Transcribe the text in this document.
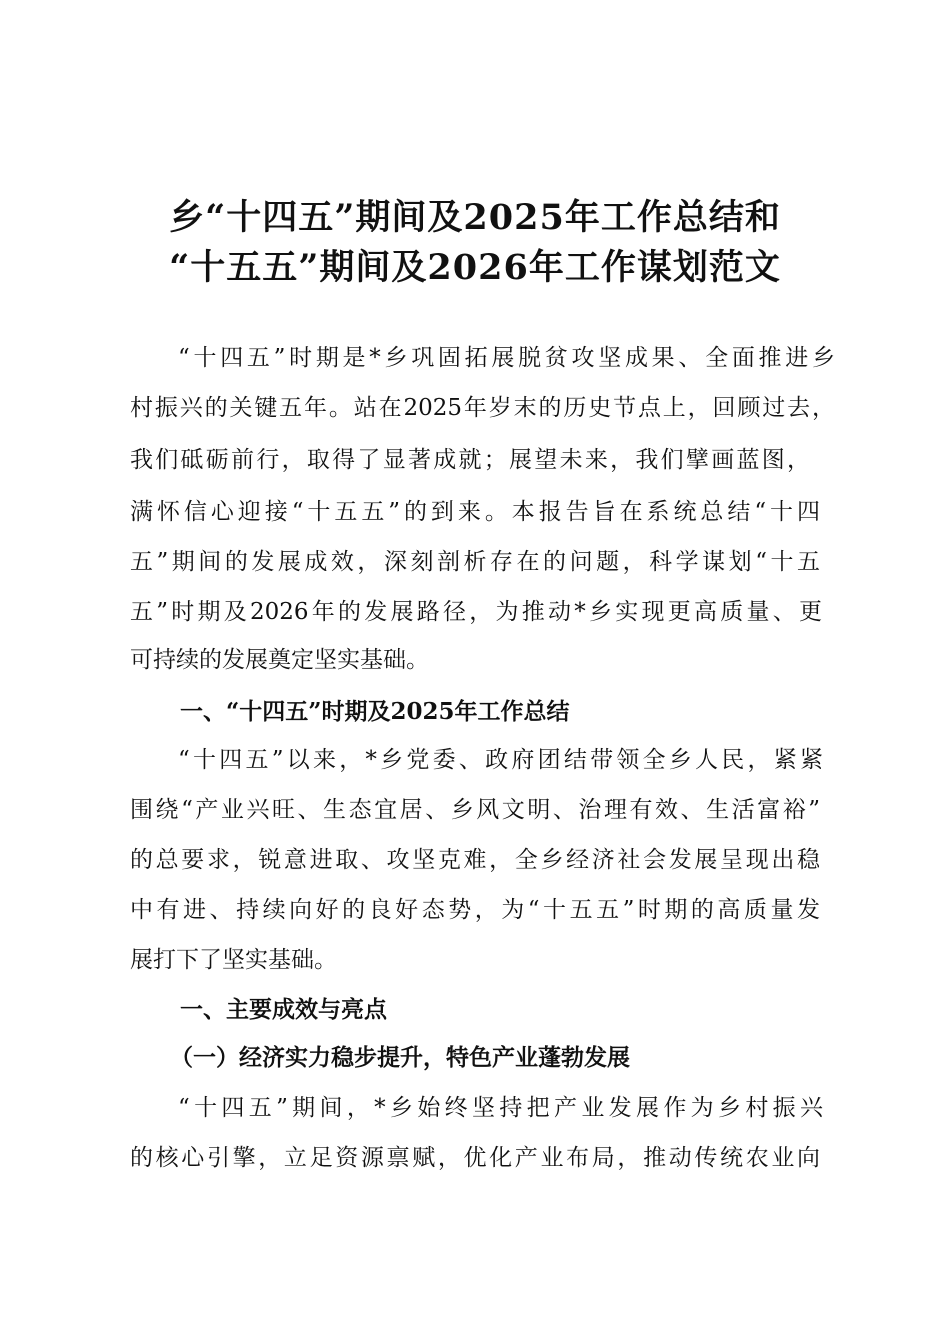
乡“十四五”期间及2025年工作总结和
“十五五”期间及2026年工作谋划范文
“十四五”时期是*乡巩固拓展脱贫攻坚成果、全面推进乡
村振兴的关键五年。站在2025年岁末的历史节点上，回顾过去，
我们砥砺前行，取得了显著成就；展望未来，我们擘画蓝图，
满怀信心迎接“十五五”的到来。本报告旨在系统总结“十四
五”期间的发展成效，深刻剖析存在的问题，科学谋划“十五
五”时期及2026年的发展路径，为推动*乡实现更高质量、更
可持续的发展奠定坚实基础。
一、“十四五”时期及2025年工作总结
“十四五”以来，*乡党委、政府团结带领全乡人民，紧紧
围绕“产业兴旺、生态宜居、乡风文明、治理有效、生活富裕”
的总要求，锐意进取、攻坚克难，全乡经济社会发展呈现出稳
中有进、持续向好的良好态势，为“十五五”时期的高质量发
展打下了坚实基础。
一、主要成效与亮点
（一）经济实力稳步提升，特色产业蓬勃发展
“十四五”期间，*乡始终坚持把产业发展作为乡村振兴
的核心引擎，立足资源禀赋，优化产业布局，推动传统农业向
